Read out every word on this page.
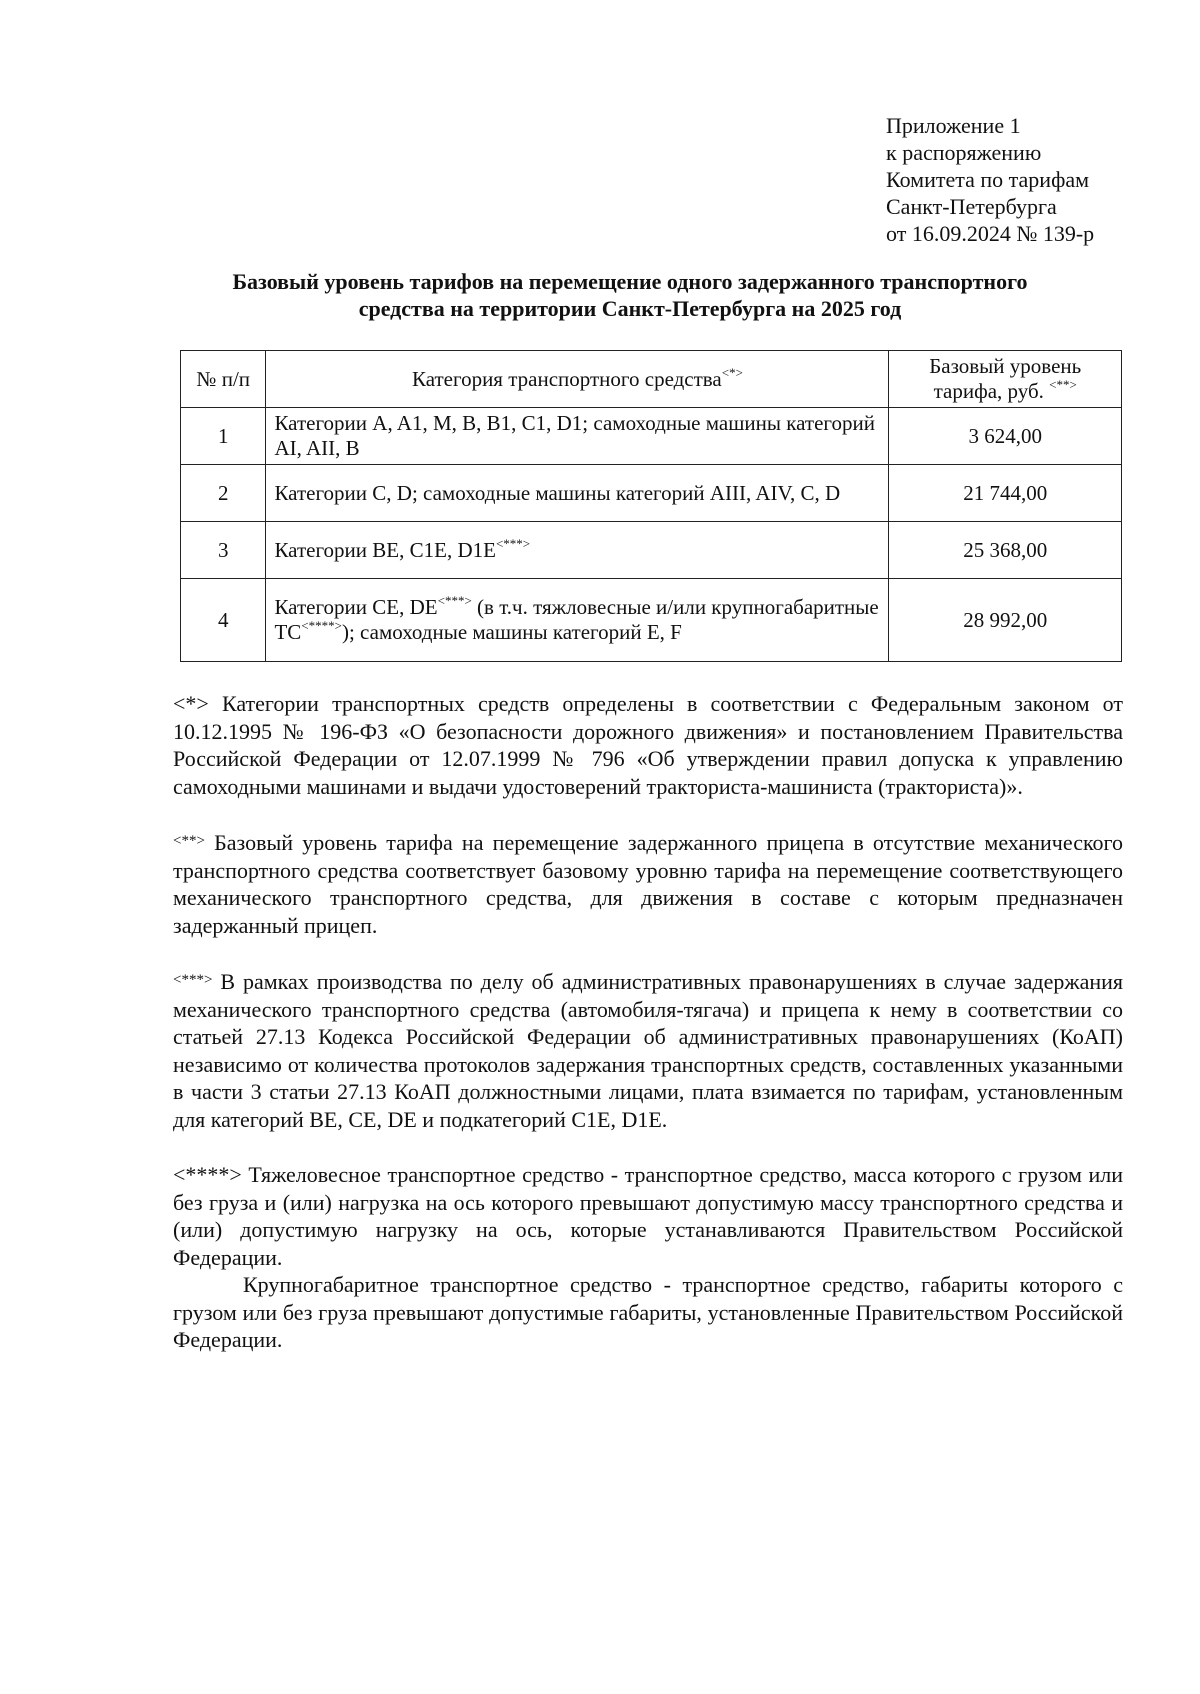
Приложение 1
к распоряжению
Комитета по тарифам
Санкт-Петербурга
от 16.09.2024 № 139-р
Базовый уровень тарифов на перемещение одного задержанного транспортного
средства на территории Санкт-Петербурга на 2025 год
№ п/п	Категория транспортного средства<*>	Базовый уровень тарифа, руб. <**>
1	Категории A, A1, M, B, B1, C1, D1; самоходные машины категорий AI, AII, B	3 624,00
2	Категории C, D; самоходные машины категорий AIII, AIV, C, D	21 744,00
3	Категории BE, C1E, D1E<***>	25 368,00
4	Категории CE, DE<***> (в т.ч. тяжловесные и/или крупногабаритные ТС<****>); самоходные машины категорий E, F	28 992,00

<*> Категории транспортных средств определены в соответствии с Федеральным законом от 10.12.1995 № 196-ФЗ «О безопасности дорожного движения» и постановлением Правительства Российской Федерации от 12.07.1999 № 796 «Об утверждении правил допуска к управлению самоходными машинами и выдачи удостоверений тракториста-машиниста (тракториста)».

<**> Базовый уровень тарифа на перемещение задержанного прицепа в отсутствие механического транспортного средства соответствует базовому уровню тарифа на перемещение соответствующего механического транспортного средства, для движения в составе с которым предназначен задержанный прицеп.

<***> В рамках производства по делу об административных правонарушениях в случае задержания механического транспортного средства (автомобиля-тягача) и прицепа к нему в соответствии со статьей 27.13 Кодекса Российской Федерации об административных правонарушениях (КоАП) независимо от количества протоколов задержания транспортных средств, составленных указанными в части 3 статьи 27.13 КоАП должностными лицами, плата взимается по тарифам, установленным для категорий BE, CE, DE и подкатегорий C1E, D1E.

<****> Тяжеловесное транспортное средство - транспортное средство, масса которого с грузом или без груза и (или) нагрузка на ось которого превышают допустимую массу транспортного средства и (или) допустимую нагрузку на ось, которые устанавливаются Правительством Российской Федерации.

Крупногабаритное транспортное средство - транспортное средство, габариты которого с грузом или без груза превышают допустимые габариты, установленные Правительством Российской Федерации.
